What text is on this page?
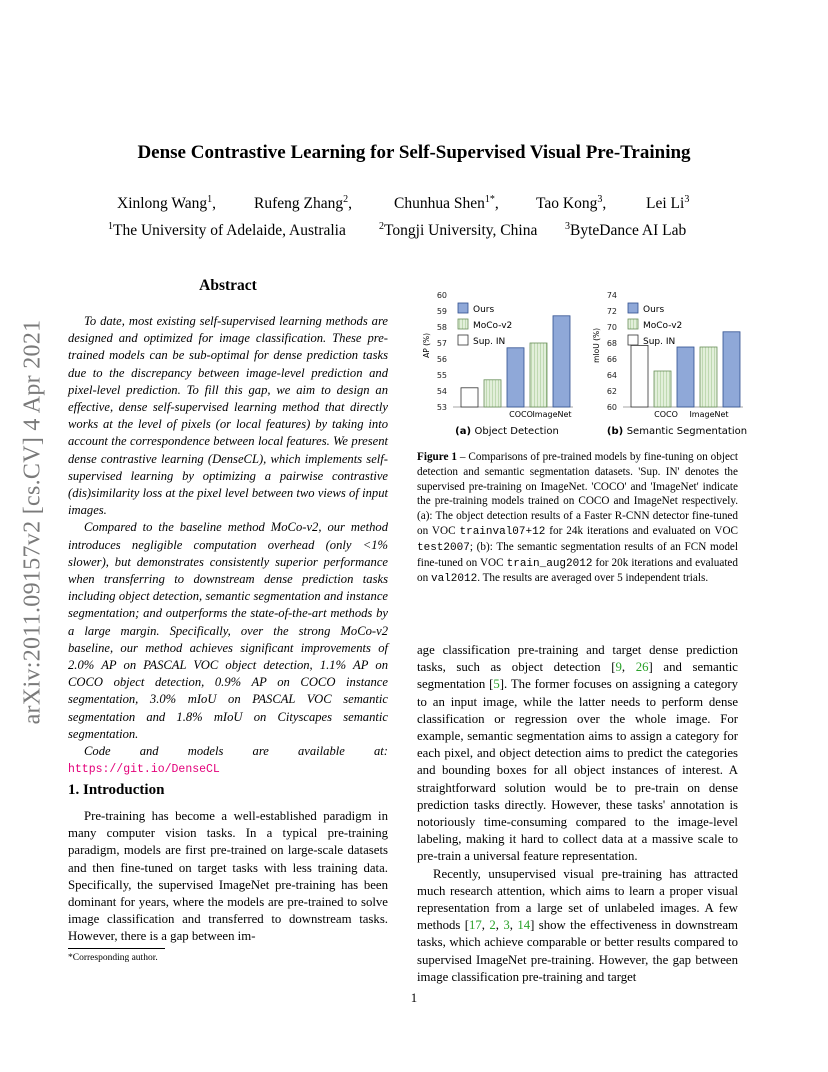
arXiv:2011.09157v2 [cs.CV] 4 Apr 2021
Dense Contrastive Learning for Self-Supervised Visual Pre-Training
Xinlong Wang$^1$, Rufeng Zhang$^2$,	Chunhua Shen$^{1*}$, Tao Kong$^3$,	Lei Li$^3$
$^1$The University of Adelaide, Australia	$^2$Tongji University, China	$^3$ByteDance AI Lab
Abstract

To date, most existing self-supervised learning methods are designed and optimized for image classification. These pre-trained models can be sub-optimal for dense prediction tasks due to the discrepancy between image-level prediction and pixel-level prediction. To fill this gap, we aim to design an effective, dense self-supervised learning method that directly works at the level of pixels (or local features) by taking into account the correspondence between local features. We present dense contrastive learning (DenseCL), which implements self-supervised learning by optimizing a pairwise contrastive (dis)similarity loss at the pixel level between two views of input images.

Compared to the baseline method MoCo-v2, our method introduces negligible computation overhead (only <1% slower), but demonstrates consistently superior performance when transferring to downstream dense prediction tasks including object detection, semantic segmentation and instance segmentation; and outperforms the state-of-the-art methods by a large margin. Specifically, over the strong MoCo-v2 baseline, our method achieves significant improvements of 2.0% AP on PASCAL VOC object detection, 1.1% AP on COCO object detection, 0.9% AP on COCO instance segmentation, 3.0% mIoU on PASCAL VOC semantic segmentation and 1.8% mIoU on Cityscapes semantic segmentation.

Code and models are available at: https://git.io/DenseCL

1. Introduction

Pre-training has become a well-established paradigm in many computer vision tasks. In a typical pre-training paradigm, models are first pre-trained on large-scale datasets and then fine-tuned on target tasks with less training data. Specifically, the supervised ImageNet pre-training has been dominant for years, where the models are pre-trained to solve image classification and transferred to downstream tasks. However, there is a gap between im-

*Corresponding author.
53
54
55
56
57
58
59
60
AP (%)
COCO ImageNet
Ours
MoCo-v2
Sup. IN
(a) Object Detection
60
62
64
66
68
70
72
74
mIoU (%)
COCO ImageNet
Ours
MoCo-v2
Sup. IN
(b) Semantic Segmentation
Figure 1 – Comparisons of pre-trained models by fine-tuning on object detection and semantic segmentation datasets. 'Sup. IN' denotes the supervised pre-training on ImageNet. 'COCO' and 'ImageNet' indicate the pre-training models trained on COCO and ImageNet respectively. (a): The object detection results of a Faster R-CNN detector fine-tuned on VOC trainval07+12 for 24k iterations and evaluated on VOC test2007; (b): The semantic segmentation results of an FCN model fine-tuned on VOC train_aug2012 for 20k iterations and evaluated on val2012. The results are averaged over 5 independent trials.

age classification pre-training and target dense prediction tasks, such as object detection [9, 26] and semantic segmentation [5]. The former focuses on assigning a category to an input image, while the latter needs to perform dense classification or regression over the whole image. For example, semantic segmentation aims to assign a category for each pixel, and object detection aims to predict the categories and bounding boxes for all object instances of interest. A straightforward solution would be to pre-train on dense prediction tasks directly. However, these tasks' annotation is notoriously time-consuming compared to the image-level labeling, making it hard to collect data at a massive scale to pre-train a universal feature representation.

Recently, unsupervised visual pre-training has attracted much research attention, which aims to learn a proper visual representation from a large set of unlabeled images. A few methods [17, 2, 3, 14] show the effectiveness in downstream tasks, which achieve comparable or better results compared to supervised ImageNet pre-training. However, the gap between image classification pre-training and target

1
